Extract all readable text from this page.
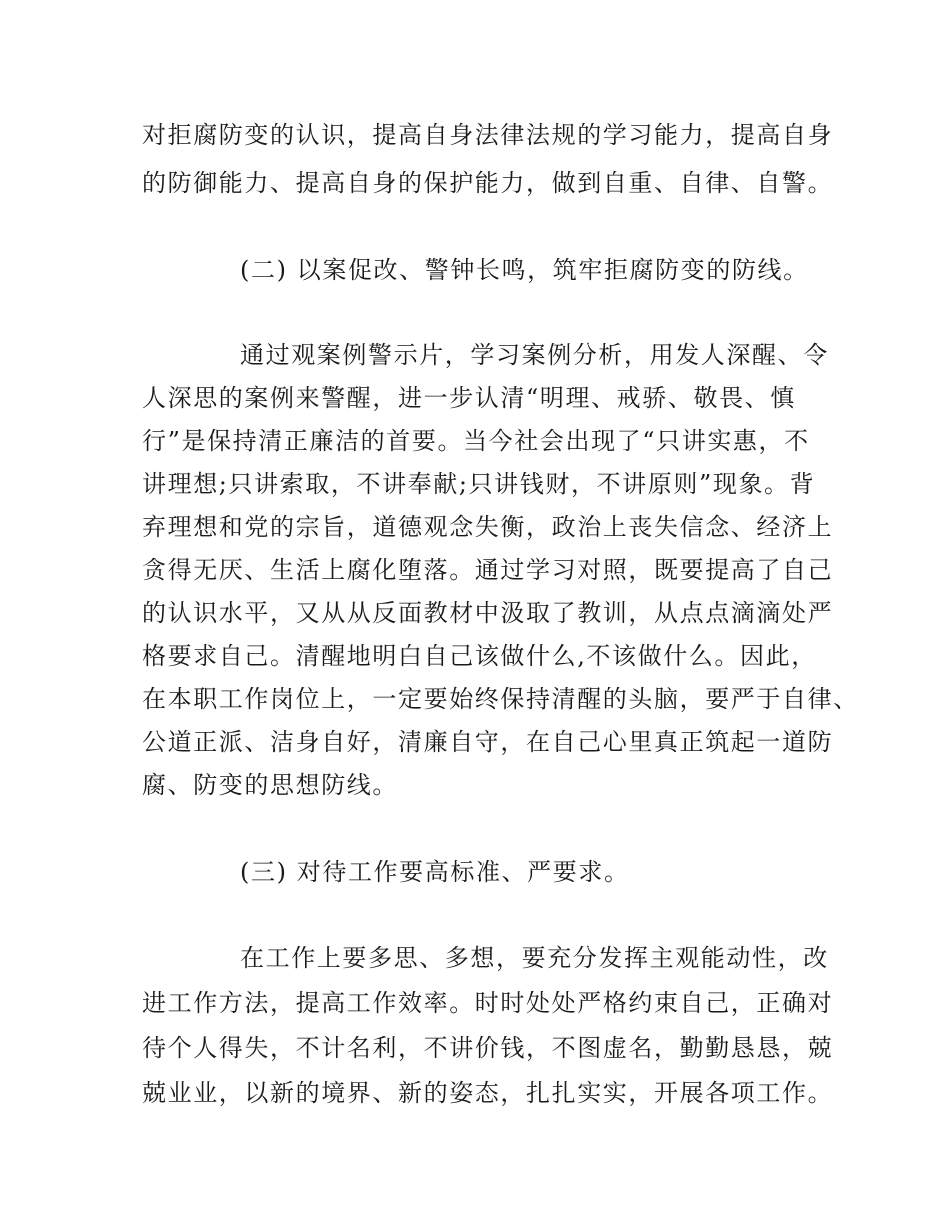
对拒腐防变的认识，提高自身法律法规的学习能力，提高自身
的防御能力、提高自身的保护能力，做到自重、自律、自警。
(二) 以案促改、警钟长鸣，筑牢拒腐防变的防线。
通过观案例警示片，学习案例分析，用发人深醒、令
人深思的案例来警醒，进一步认清“明理、戒骄、敬畏、慎
行”是保持清正廉洁的首要。当今社会出现了“只讲实惠，不
讲理想;只讲索取，不讲奉献;只讲钱财，不讲原则”现象。背
弃理想和党的宗旨，道德观念失衡，政治上丧失信念、经济上
贪得无厌、生活上腐化堕落。通过学习对照，既要提高了自己
的认识水平，又从从反面教材中汲取了教训，从点点滴滴处严
格要求自己。清醒地明白自己该做什么,不该做什么。因此，
在本职工作岗位上，一定要始终保持清醒的头脑，要严于自律、
公道正派、洁身自好，清廉自守，在自己心里真正筑起一道防
腐、防变的思想防线。
(三) 对待工作要高标准、严要求。
在工作上要多思、多想，要充分发挥主观能动性，改
进工作方法，提高工作效率。时时处处严格约束自己，正确对
待个人得失，不计名利，不讲价钱，不图虚名，勤勤恳恳，兢
兢业业，以新的境界、新的姿态，扎扎实实，开展各项工作。
